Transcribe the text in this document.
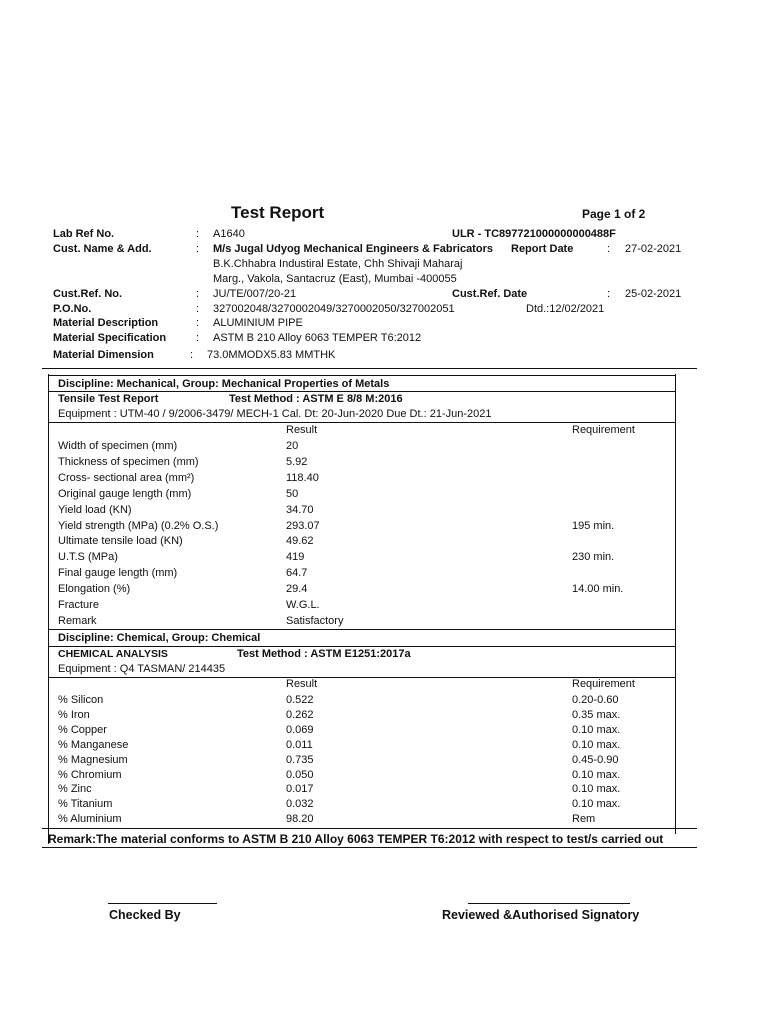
Test Report	Page 1 of 2
Lab Ref No.	: A1640	ULR - TC897721000000000488F
Cust. Name & Add.	: M/s Jugal Udyog Mechanical Engineers & Fabricators Report Date	: 27-02-2021
B.K.Chhabra Industiral Estate, Chh Shivaji Maharaj
Marg., Vakola, Santacruz (East), Mumbai -400055
Cust.Ref. No.	: JU/TE/007/20-21	Cust.Ref. Date	: 25-02-2021
P.O.No.	: 327002048/3270002049/3270002050/327002051	Dtd.:12/02/2021
Material Description	: ALUMINIUM PIPE
Material Specification	: ASTM B 210 Alloy 6063 TEMPER T6:2012
Material Dimension	: 73.0MMODX5.83 MMTHK
Discipline: Mechanical, Group: Mechanical Properties of Metals
Tensile Test Report	Test Method : ASTM E 8/8 M:2016
Equipment : UTM-40 / 9/2006-3479/ MECH-1 Cal. Dt: 20-Jun-2020 Due Dt.: 21-Jun-2021
Result	Requirement
Width of specimen (mm)	20
Thickness of specimen (mm)	5.92
Cross- sectional area (mm²)	118.40
Original gauge length (mm)	50
Yield load (KN)	34.70
Yield strength (MPa) (0.2% O.S.)	293.07	195 min.
Ultimate tensile load (KN)	49.62
U.T.S (MPa)	419	230 min.
Final gauge length (mm)	64.7
Elongation (%)	29.4	14.00 min.
Fracture	W.G.L.
Remark	Satisfactory
Discipline: Chemical, Group: Chemical
CHEMICAL ANALYSIS	Test Method : ASTM E1251:2017a
Equipment : Q4 TASMAN/ 214435
Result	Requirement
% Silicon	0.522	0.20-0.60
% Iron	0.262	0.35 max.
% Copper	0.069	0.10 max.
% Manganese	0.011	0.10 max.
% Magnesium	0.735	0.45-0.90
% Chromium	0.050	0.10 max.
% Zinc	0.017	0.10 max.
% Titanium	0.032	0.10 max.
% Aluminium	98.20	Rem
Remark:The material conforms to ASTM B 210 Alloy 6063 TEMPER T6:2012 with respect to test/s carried out
Checked By	Reviewed &Authorised Signatory
